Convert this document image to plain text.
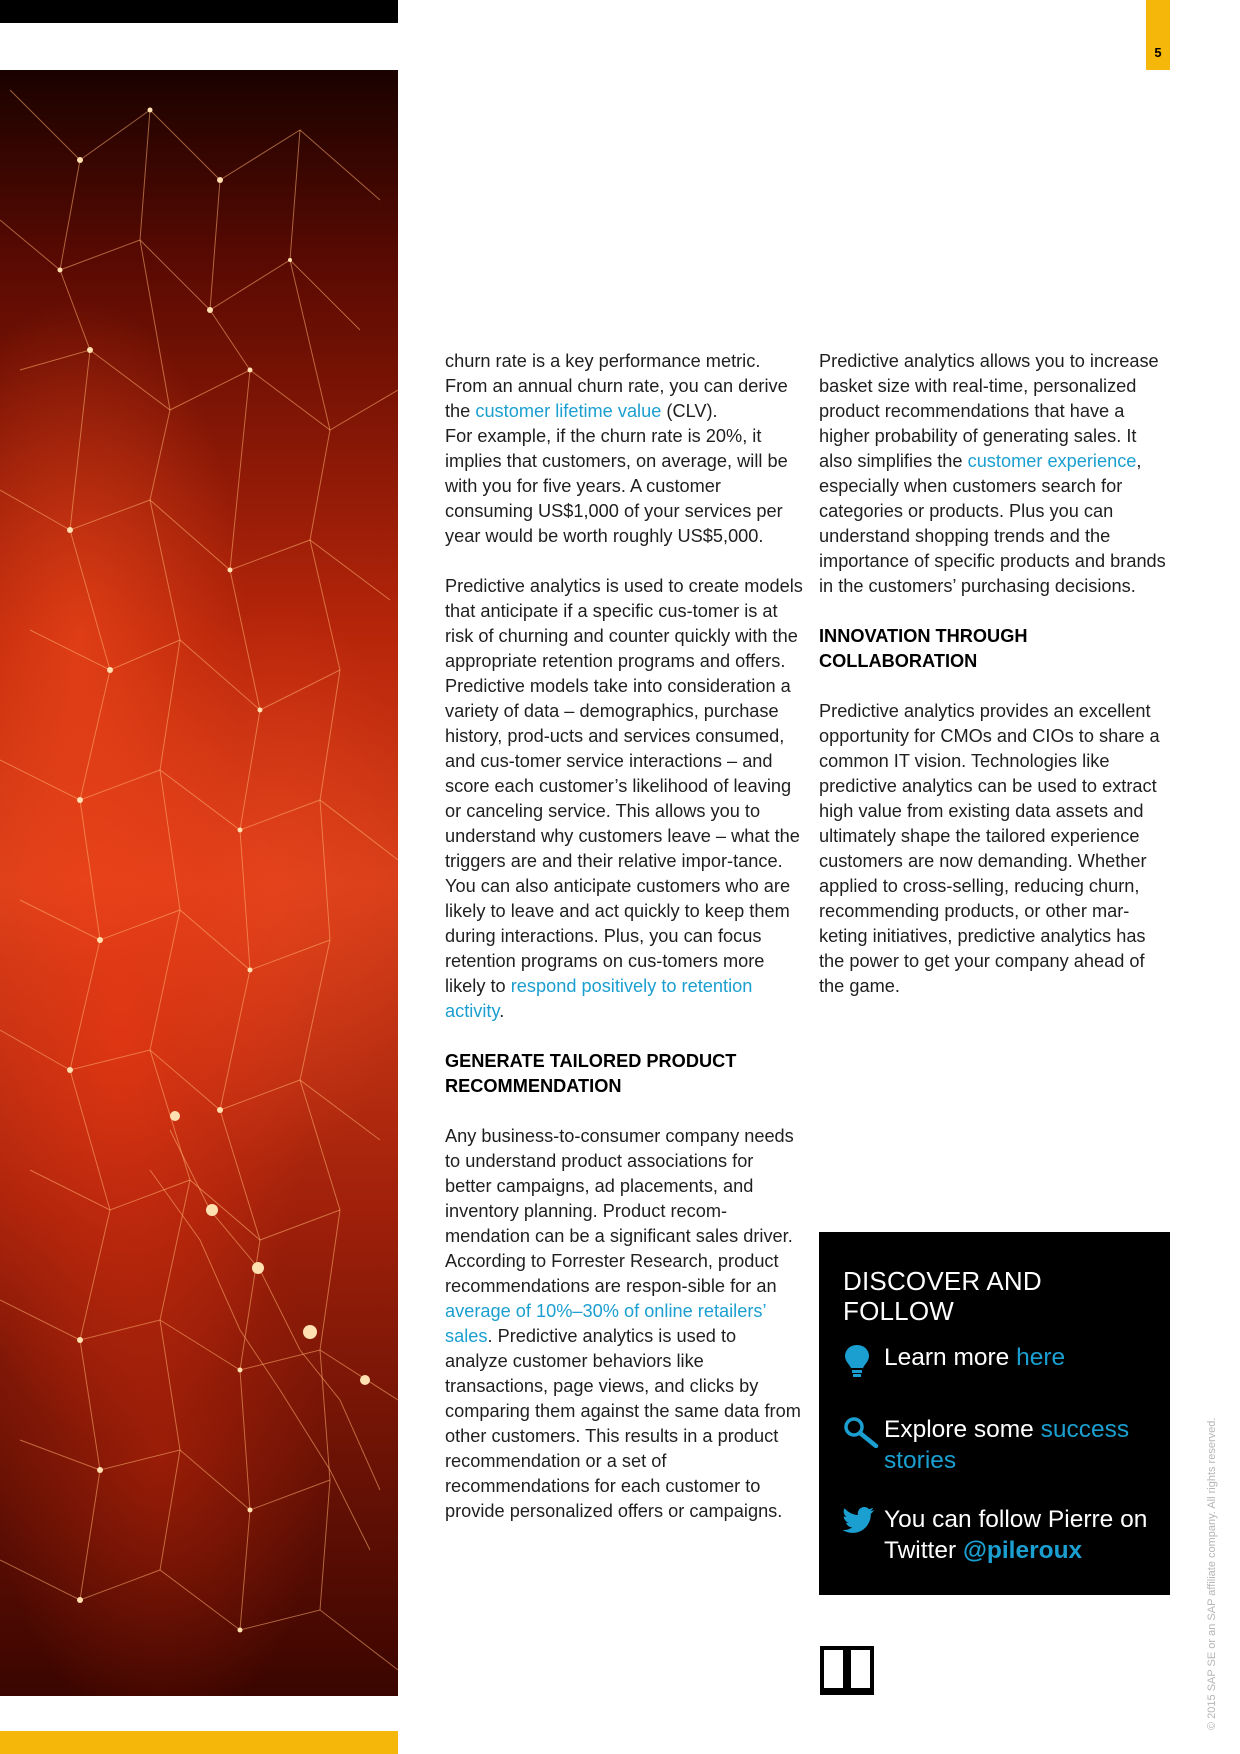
5

churn rate is a key performance metric. From an annual churn rate, you can derive the customer lifetime value (CLV).
For example, if the churn rate is 20%, it implies that customers, on average, will be with you for five years. A customer consuming US$1,000 of your services per year would be worth roughly US$5,000.

Predictive analytics is used to create models that anticipate if a specific cus-tomer is at risk of churning and counter quickly with the appropriate retention programs and offers. Predictive models take into consideration a variety of data – demographics, purchase history, prod-ucts and services consumed, and cus-tomer service interactions – and score each customer’s likelihood of leaving or canceling service. This allows you to understand why customers leave – what the triggers are and their relative impor-tance. You can also anticipate customers who are likely to leave and act quickly to keep them during interactions. Plus, you can focus retention programs on cus-tomers more likely to respond positively to retention activity.

GENERATE TAILORED PRODUCT RECOMMENDATION

Any business-to-consumer company needs to understand product associations for better campaigns, ad placements, and inventory planning. Product recom-mendation can be a significant sales driver. According to Forrester Research, product recommendations are respon-sible for an average of 10%–30% of online retailers’ sales. Predictive analytics is used to analyze customer behaviors like transactions, page views, and clicks by comparing them against the same data from other customers. This results in a product recommendation or a set of recommendations for each customer to provide personalized offers or campaigns.

Predictive analytics allows you to increase basket size with real-time, personalized product recommendations that have a higher probability of generating sales. It also simplifies the customer experience, especially when customers search for categories or products. Plus you can understand shopping trends and the importance of specific products and brands in the customers’ purchasing decisions.

INNOVATION THROUGH COLLABORATION

Predictive analytics provides an excellent opportunity for CMOs and CIOs to share a common IT vision. Technologies like predictive analytics can be used to extract high value from existing data assets and ultimately shape the tailored experience customers are now demanding. Whether applied to cross-selling, reducing churn, recommending products, or other mar-keting initiatives, predictive analytics has the power to get your company ahead of the game.

DISCOVER AND FOLLOW
Learn more here
Explore some success stories
You can follow Pierre on Twitter @pileroux	© 2015 SAP SE or an SAP affiliate company. All rights reserved.
